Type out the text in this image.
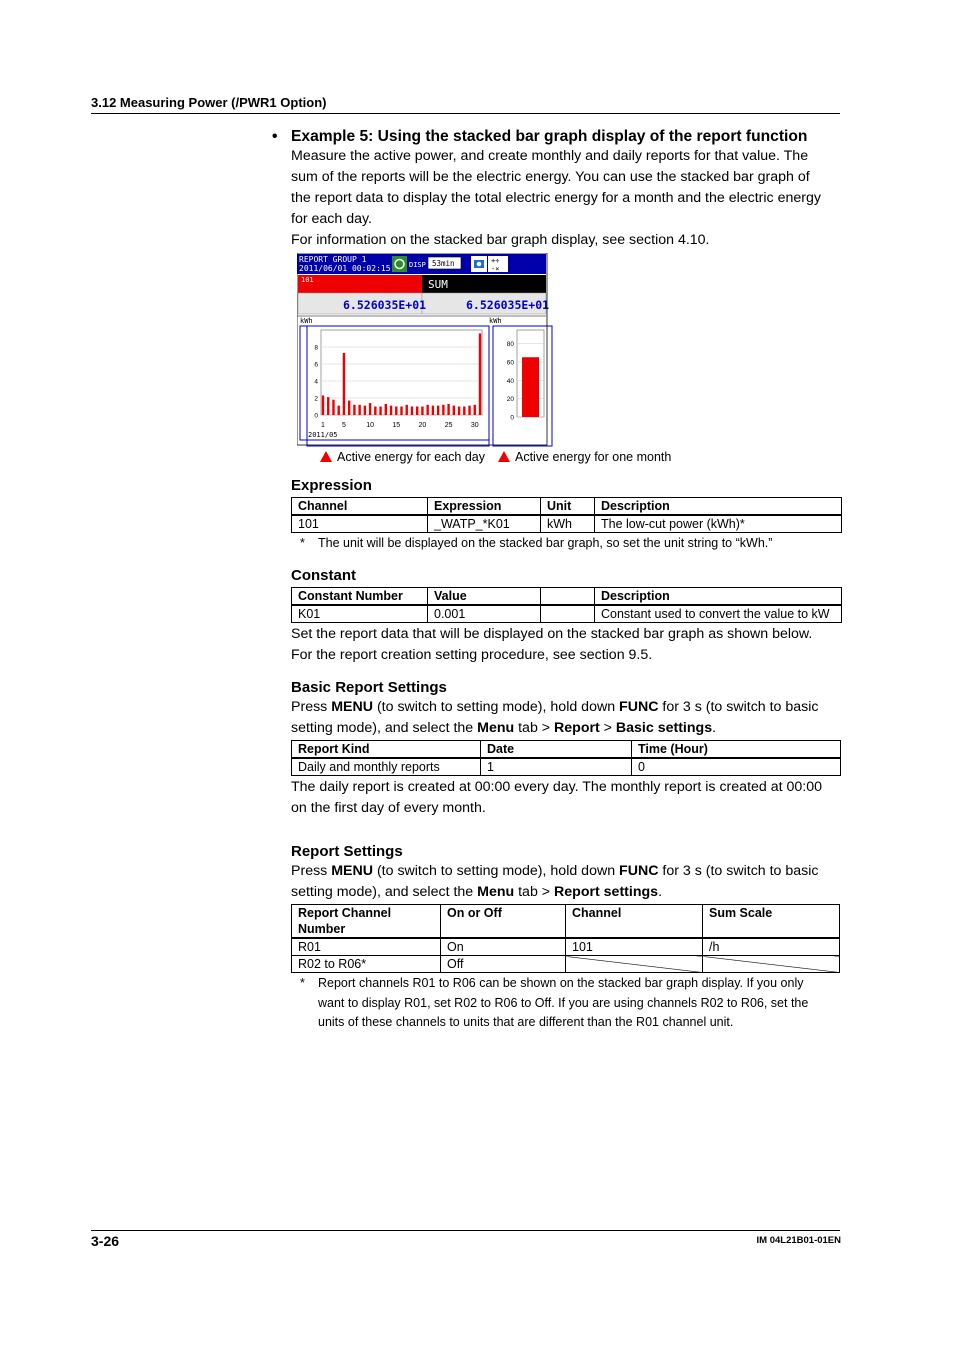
3.12 Measuring Power (/PWR1 Option)
• Example 5: Using the stacked bar graph display of the report function
Measure the active power, and create monthly and daily reports for that value. The
sum of the reports will be the electric energy. You can use the stacked bar graph of
the report data to display the total electric energy for a month and the electric energy
for each day.
For information on the stacked bar graph display, see section 4.10.
REPORT GROUP 1
2011/06/01 00:02:15	DISP 53min	+÷
-×
101	SUM
6.526035E+01	6.526035E+01
kWh	kWh
2011/05
0
2
4
6
8
1 5	10	15	20	25	30
0
20
40
60
80
Active energy for each day	Active energy for one month
Expression
Channel	Expression	Unit	Description
101	_WATP_*K01	kWh	The low-cut power (kWh)*
* The unit will be displayed on the stacked bar graph, so set the unit string to “kWh.”
Constant
Constant Number	Value		Description
K01	0.001		Constant used to convert the value to kW
Set the report data that will be displayed on the stacked bar graph as shown below.
For the report creation setting procedure, see section 9.5.
Basic Report Settings
Press MENU (to switch to setting mode), hold down FUNC for 3 s (to switch to basic
setting mode), and select the Menu tab > Report > Basic settings.
Report Kind	Date	Time (Hour)
Daily and monthly reports	1	0
The daily report is created at 00:00 every day. The monthly report is created at 00:00
on the first day of every month.
Report Settings
Press MENU (to switch to setting mode), hold down FUNC for 3 s (to switch to basic
setting mode), and select the Menu tab > Report settings.
Report Channel
Number	On or Off	Channel	Sum Scale
R01	On	101	/h
R02 to R06*	Off		
* Report channels R01 to R06 can be shown on the stacked bar graph display. If you only
want to display R01, set R02 to R06 to Off. If you are using channels R02 to R06, set the
units of these channels to units that are different than the R01 channel unit.
3-26	IM 04L21B01-01EN
